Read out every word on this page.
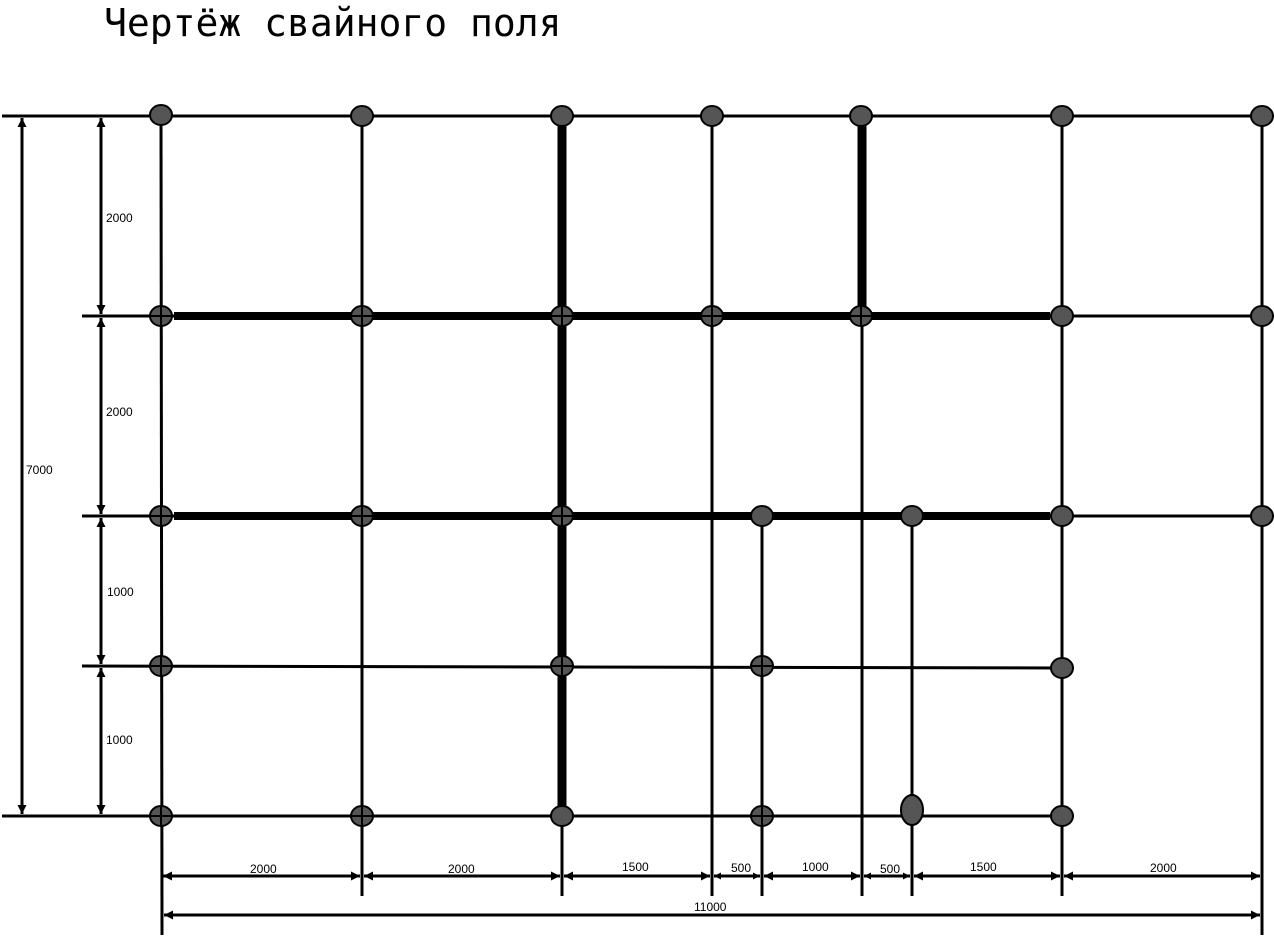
Чертёж свайного поля
7000
2000
2000
1000
1000
2000	2000	1500	500	1000	500	1500	2000
11000
